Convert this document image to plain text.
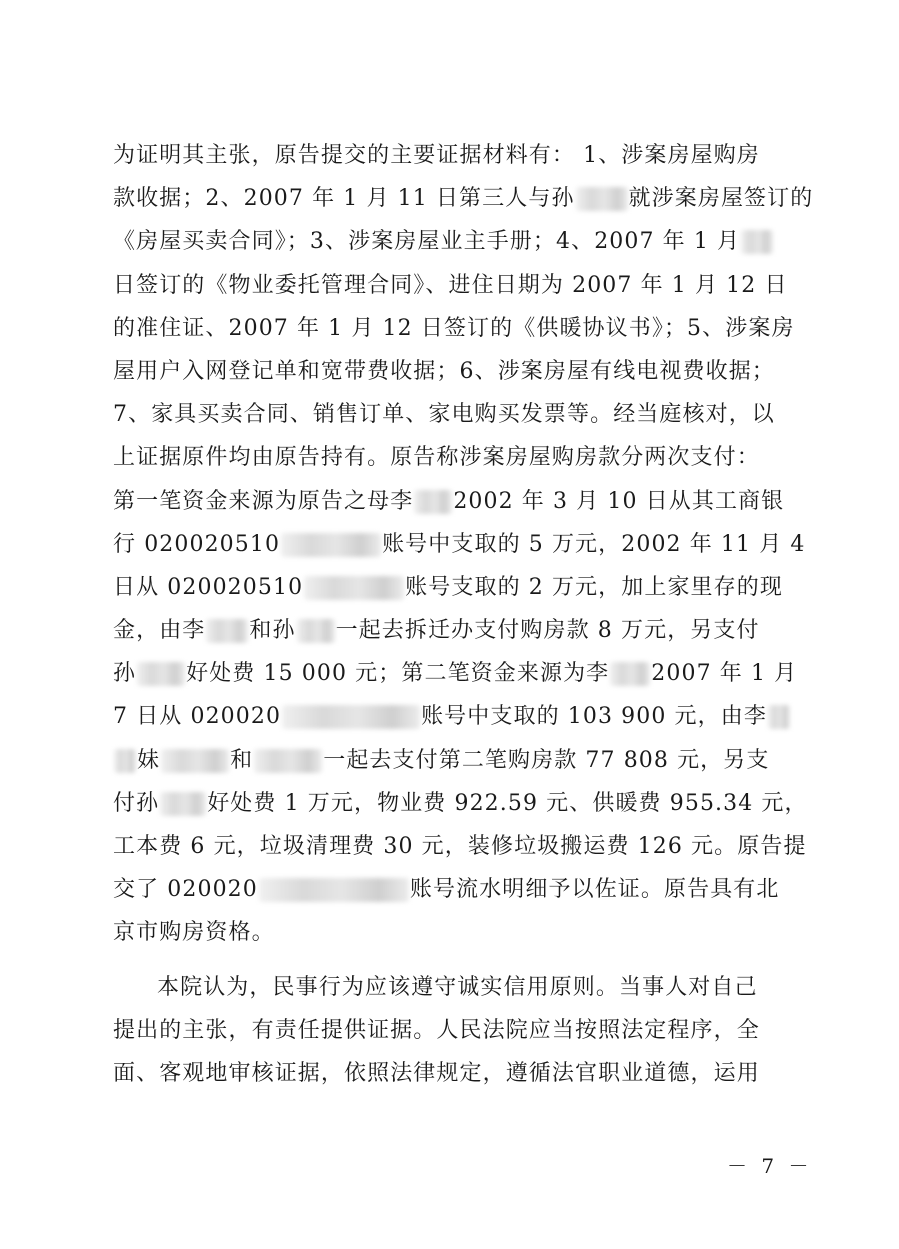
为证明其主张，原告提交的主要证据材料有： 1、涉案房屋购房
款收据；2、2007 年 1 月 11 日第三人与孙 就涉案房屋签订的
《房屋买卖合同》；3、涉案房屋业主手册；4、2007 年 1 月
日签订的《物业委托管理合同》、进住日期为 2007 年 1 月 12 日
的准住证、2007 年 1 月 12 日签订的《供暖协议书》；5、涉案房
屋用户入网登记单和宽带费收据；6、涉案房屋有线电视费收据；
7、家具买卖合同、销售订单、家电购买发票等。经当庭核对，以
上证据原件均由原告持有。原告称涉案房屋购房款分两次支付：
第一笔资金来源为原告之母李 2002 年 3 月 10 日从其工商银
行 020020510	账号中支取的 5 万元，2002 年 11 月 4
日从 020020510	账号支取的 2 万元，加上家里存的现
金，由李 和孙 一起去拆迁办支付购房款 8 万元，另支付
孙 好处费 15 000 元；第二笔资金来源为李 2007 年 1 月
7 日从 020020	账号中支取的 103 900 元，由李
妹	和	一起去支付第二笔购房款 77 808 元，另支
付孙 好处费 1 万元，物业费 922.59 元、供暖费 955.34 元，
工本费 6 元，垃圾清理费 30 元，装修垃圾搬运费 126 元。原告提
交了 020020	账号流水明细予以佐证。原告具有北
京市购房资格。
本院认为，民事行为应该遵守诚实信用原则。当事人对自己
提出的主张，有责任提供证据。人民法院应当按照法定程序，全
面、客观地审核证据，依照法律规定，遵循法官职业道德，运用
－ 7 －
